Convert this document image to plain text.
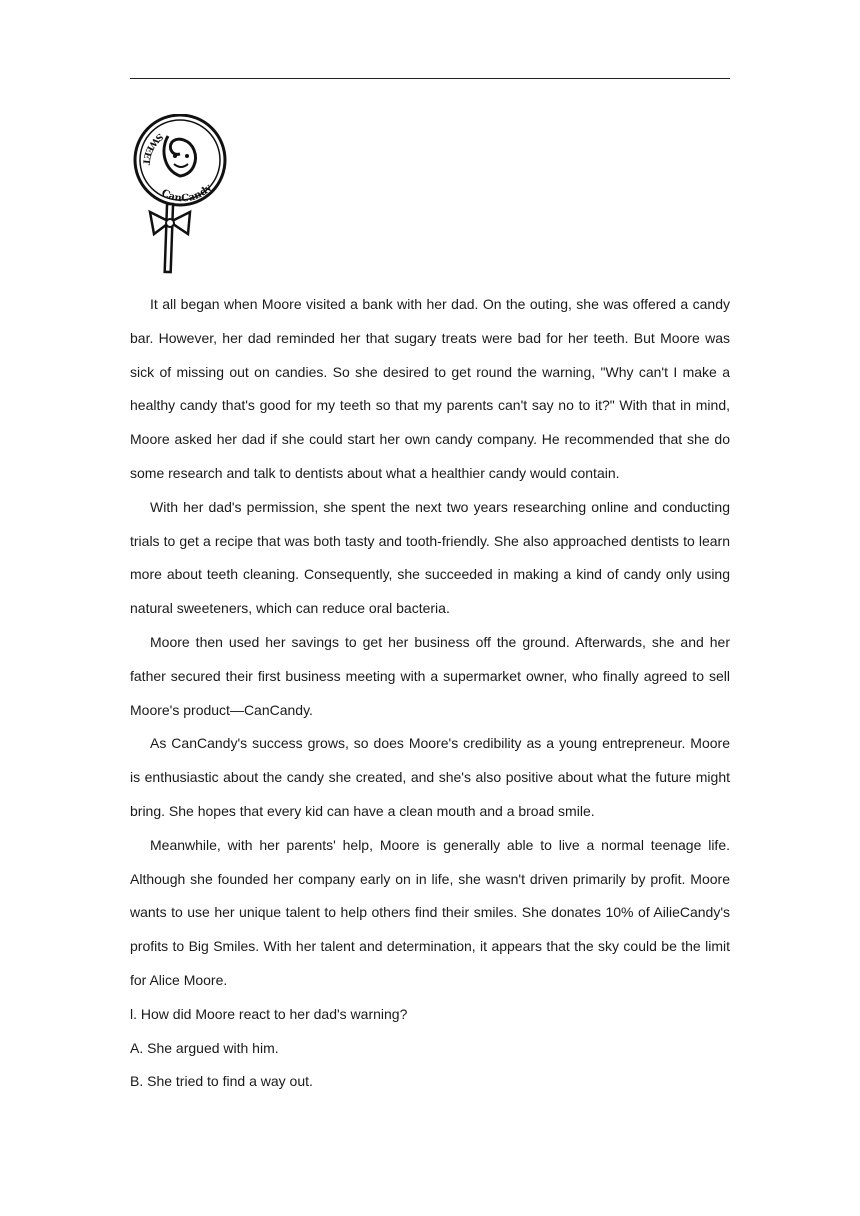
CanCandy
SWEET

It all began when Moore visited a bank with her dad. On the outing, she was offered a candy bar. However, her dad reminded her that sugary treats were bad for her teeth. But Moore was sick of missing out on candies. So she desired to get round the warning, "Why can't I make a healthy candy that's good for my teeth so that my parents can't say no to it?" With that in mind, Moore asked her dad if she could start her own candy company. He recommended that she do some research and talk to dentists about what a healthier candy would contain.

With her dad's permission, she spent the next two years researching online and conducting trials to get a recipe that was both tasty and tooth-friendly. She also approached dentists to learn more about teeth cleaning. Consequently, she succeeded in making a kind of candy only using natural sweeteners, which can reduce oral bacteria.

Moore then used her savings to get her business off the ground. Afterwards, she and her father secured their first business meeting with a supermarket owner, who finally agreed to sell Moore's product—CanCandy.

As CanCandy's success grows, so does Moore's credibility as a young entrepreneur. Moore is enthusiastic about the candy she created, and she's also positive about what the future might bring. She hopes that every kid can have a clean mouth and a broad smile.

Meanwhile, with her parents' help, Moore is generally able to live a normal teenage life. Although she founded her company early on in life, she wasn't driven primarily by profit. Moore wants to use her unique talent to help others find their smiles. She donates 10% of AilieCandy's profits to Big Smiles. With her talent and determination, it appears that the sky could be the limit for Alice Moore.

l. How did Moore react to her dad's warning?

A. She argued with him.

B. She tried to find a way out.
